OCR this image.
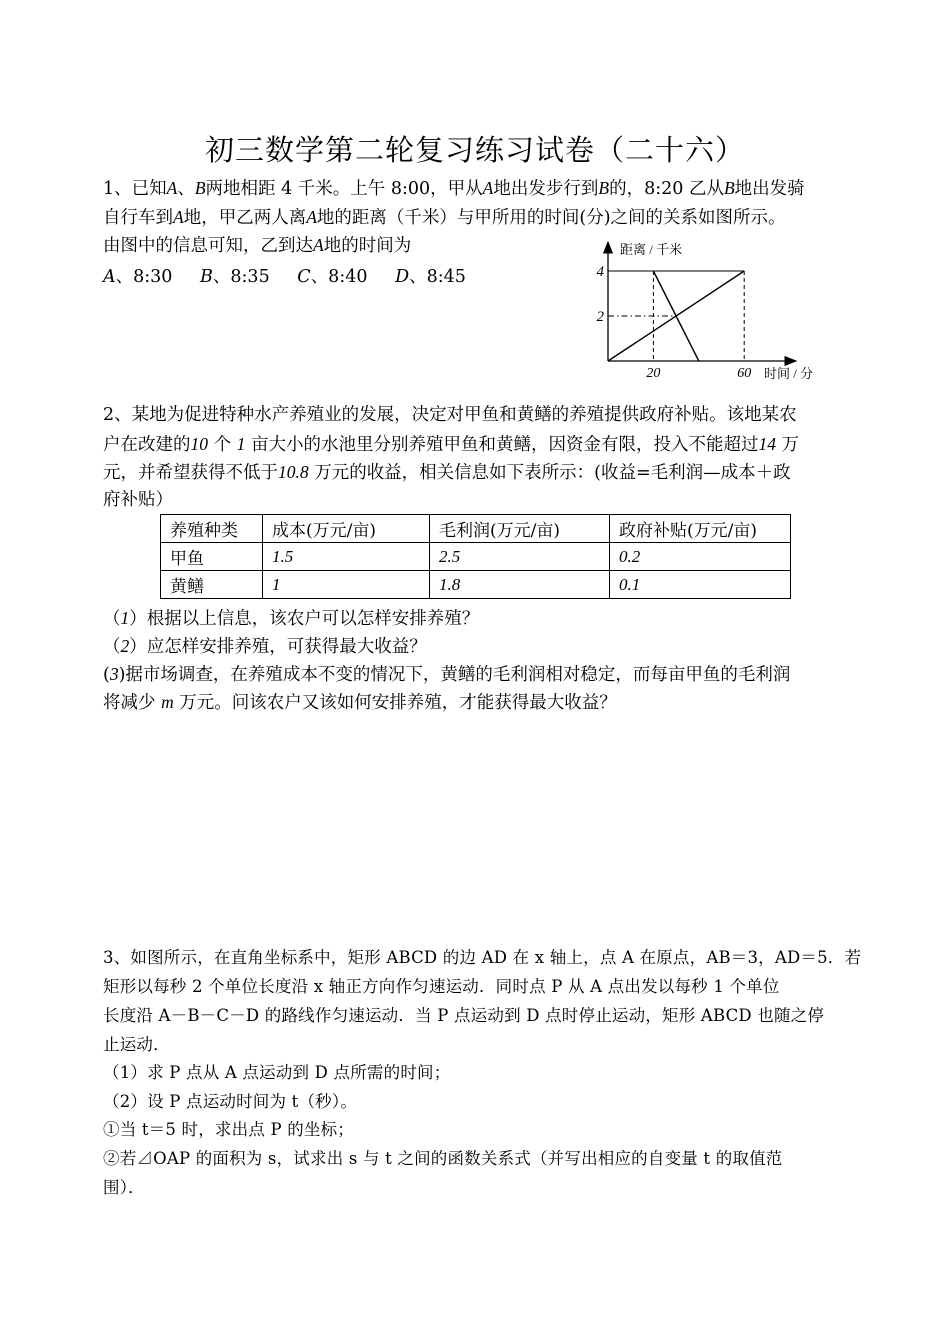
初三数学第二轮复习练习试卷（二十六）
1、已知A、B两地相距 4 千米。上午 8:00，甲从A地出发步行到B的，8:20 乙从B地出发骑
自行车到A地，甲乙两人离A地的距离（千米）与甲所用的时间(分)之间的关系如图所示。
由图中的信息可知，乙到达A地的时间为
A、8:30 B、8:35 C、8:40 D、8:45
距离 / 千米
时间 / 分
20	60
2
4
2、某地为促进特种水产养殖业的发展，决定对甲鱼和黄鳝的养殖提供政府补贴。该地某农
户在改建的10 个 1 亩大小的水池里分别养殖甲鱼和黄鳝，因资金有限，投入不能超过14 万
元，并希望获得不低于10.8 万元的收益，相关信息如下表所示：(收益=毛利润—成本＋政
府补贴）
养殖种类	成本(万元/亩)	毛利润(万元/亩)	政府补贴(万元/亩)
甲鱼	1.5	2.5	0.2
黄鳝	1	1.8	0.1
（1）根据以上信息，该农户可以怎样安排养殖？
（2）应怎样安排养殖，可获得最大收益？
(3)据市场调查，在养殖成本不变的情况下，黄鳝的毛利润相对稳定，而每亩甲鱼的毛利润
将减少 m 万元。问该农户又该如何安排养殖，才能获得最大收益？
3、如图所示，在直角坐标系中，矩形 ABCD 的边 AD 在 x 轴上，点 A 在原点，AB＝3，AD＝5．若
矩形以每秒 2 个单位长度沿 x 轴正方向作匀速运动．同时点 P 从 A 点出发以每秒 1 个单位
长度沿 A－B－C－D 的路线作匀速运动．当 P 点运动到 D 点时停止运动，矩形 ABCD 也随之停
止运动．
（1）求 P 点从 A 点运动到 D 点所需的时间；
（2）设 P 点运动时间为 t（秒）。
①当 t＝5 时，求出点 P 的坐标；
②若⊿OAP 的面积为 s，试求出 s 与 t 之间的函数关系式（并写出相应的自变量 t 的取值范
围）．
